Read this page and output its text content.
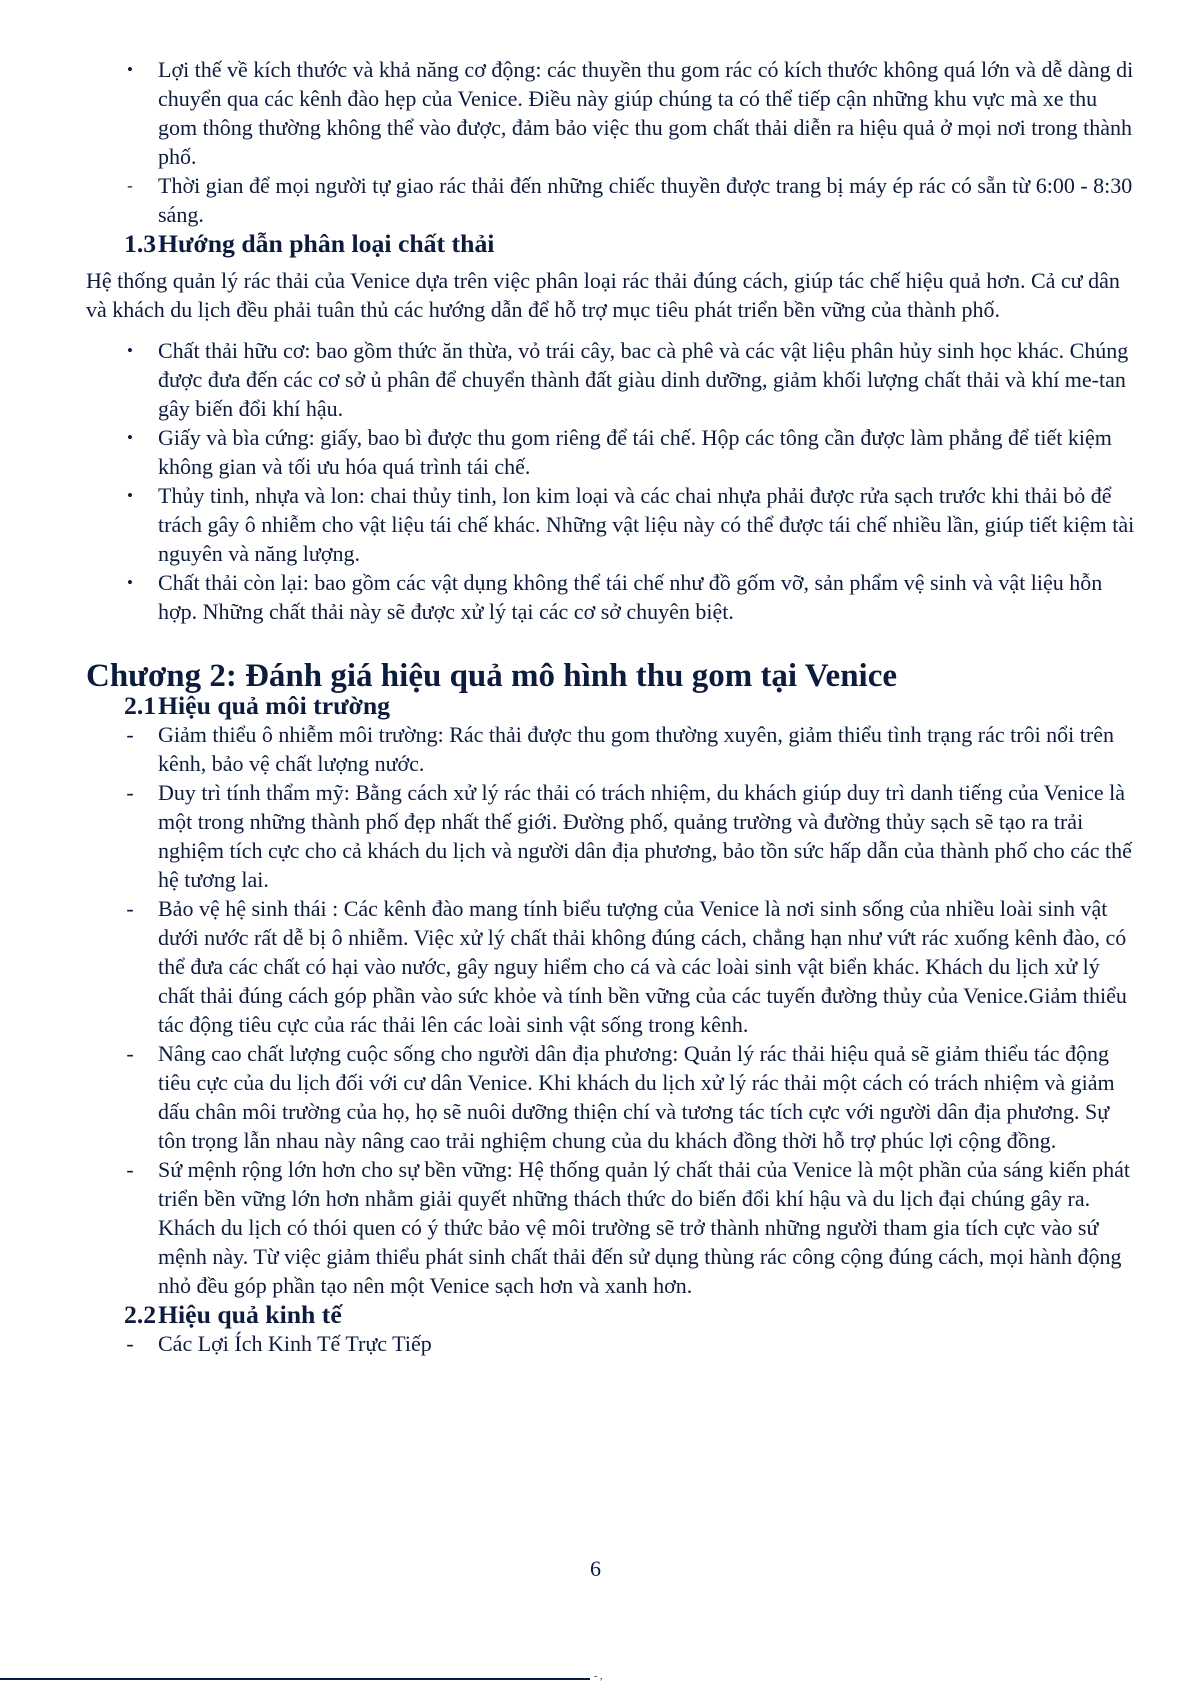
•	Lợi thế về kích thước và khả năng cơ động: các thuyền thu gom rác có kích thước không quá lớn và dễ dàng di chuyển qua các kênh đào hẹp của Venice. Điều này giúp chúng ta có thể tiếp cận những khu vực mà xe thu gom thông thường không thể vào được, đảm bảo việc thu gom chất thải diễn ra hiệu quả ở mọi nơi trong thành phố.
-	Thời gian để mọi người tự giao rác thải đến những chiếc thuyền được trang bị máy ép rác có sẵn từ 6:00 - 8:30 sáng.
1.3Hướng dẫn phân loại chất thải

Hệ thống quản lý rác thải của Venice dựa trên việc phân loại rác thải đúng cách, giúp tác chế hiệu quả hơn. Cả cư dân và khách du lịch đều phải tuân thủ các hướng dẫn để hỗ trợ mục tiêu phát triển bền vững của thành phố.

•	Chất thải hữu cơ: bao gồm thức ăn thừa, vỏ trái cây, bac cà phê và các vật liệu phân hủy sinh học khác. Chúng được đưa đến các cơ sở ủ phân để chuyển thành đất giàu dinh dưỡng, giảm khối lượng chất thải và khí me-tan gây biến đổi khí hậu.
•	Giấy và bìa cứng: giấy, bao bì được thu gom riêng để tái chế. Hộp các tông cần được làm phẳng để tiết kiệm không gian và tối ưu hóa quá trình tái chế.
•	Thủy tinh, nhựa và lon: chai thủy tinh, lon kim loại và các chai nhựa phải được rửa sạch trước khi thải bỏ để trách gây ô nhiễm cho vật liệu tái chế khác. Những vật liệu này có thể được tái chế nhiều lần, giúp tiết kiệm tài nguyên và năng lượng.
•	Chất thải còn lại: bao gồm các vật dụng không thể tái chế như đồ gốm vỡ, sản phẩm vệ sinh và vật liệu hỗn hợp. Những chất thải này sẽ được xử lý tại các cơ sở chuyên biệt.
Chương 2: Đánh giá hiệu quả mô hình thu gom tại Venice
2.1Hiệu quả môi trường
- Giảm thiểu ô nhiễm môi trường: Rác thải được thu gom thường xuyên, giảm thiểu tình trạng rác trôi nổi trên kênh, bảo vệ chất lượng nước.
- Duy trì tính thẩm mỹ: Bằng cách xử lý rác thải có trách nhiệm, du khách giúp duy trì danh tiếng của Venice là một trong những thành phố đẹp nhất thế giới. Đường phố, quảng trường và đường thủy sạch sẽ tạo ra trải nghiệm tích cực cho cả khách du lịch và người dân địa phương, bảo tồn sức hấp dẫn của thành phố cho các thế hệ tương lai.
- Bảo vệ hệ sinh thái : Các kênh đào mang tính biểu tượng của Venice là nơi sinh sống của nhiều loài sinh vật dưới nước rất dễ bị ô nhiễm. Việc xử lý chất thải không đúng cách, chẳng hạn như vứt rác xuống kênh đào, có thể đưa các chất có hại vào nước, gây nguy hiểm cho cá và các loài sinh vật biển khác. Khách du lịch xử lý chất thải đúng cách góp phần vào sức khỏe và tính bền vững của các tuyến đường thủy của Venice.Giảm thiểu tác động tiêu cực của rác thải lên các loài sinh vật sống trong kênh.
- Nâng cao chất lượng cuộc sống cho người dân địa phương: Quản lý rác thải hiệu quả sẽ giảm thiểu tác động tiêu cực của du lịch đối với cư dân Venice. Khi khách du lịch xử lý rác thải một cách có trách nhiệm và giảm dấu chân môi trường của họ, họ sẽ nuôi dưỡng thiện chí và tương tác tích cực với người dân địa phương. Sự tôn trọng lẫn nhau này nâng cao trải nghiệm chung của du khách đồng thời hỗ trợ phúc lợi cộng đồng.
- Sứ mệnh rộng lớn hơn cho sự bền vững: Hệ thống quản lý chất thải của Venice là một phần của sáng kiến phát triển bền vững lớn hơn nhằm giải quyết những thách thức do biến đổi khí hậu và du lịch đại chúng gây ra. Khách du lịch có thói quen có ý thức bảo vệ môi trường sẽ trở thành những người tham gia tích cực vào sứ mệnh này. Từ việc giảm thiểu phát sinh chất thải đến sử dụng thùng rác công cộng đúng cách, mọi hành động nhỏ đều góp phần tạo nên một Venice sạch hơn và xanh hơn.
2.2Hiệu quả kinh tế
- Các Lợi Ích Kinh Tế Trực Tiếp
6
- ,
